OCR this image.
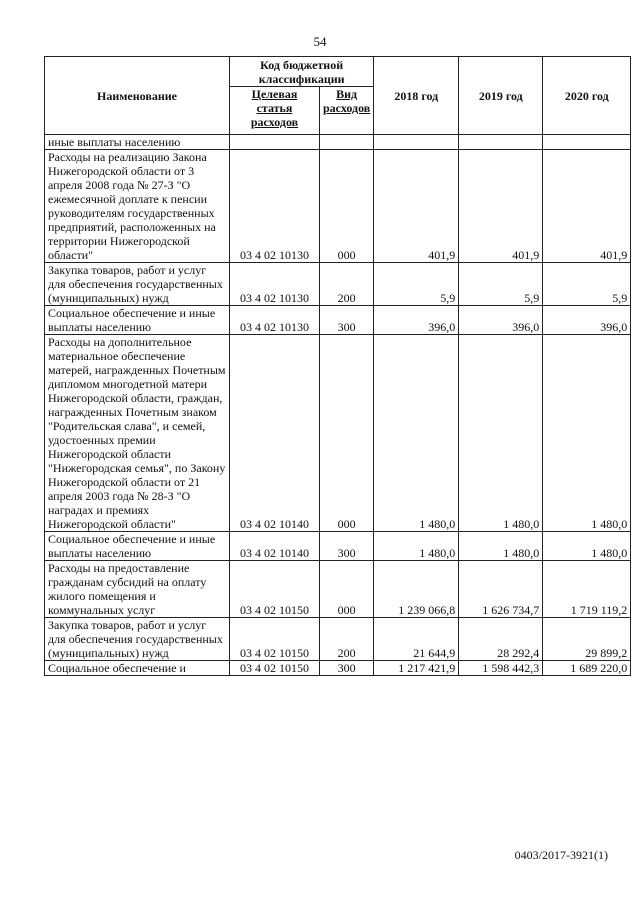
54
Наименование	Код бюджетной классификации		2018 год	2019 год	2020 год
	Целевая статья расходов	Вид расходов			
иные выплаты населению					
Расходы на реализацию Закона Нижегородской области от 3 апреля 2008 года № 27-З "О ежемесячной доплате к пенсии руководителям государственных предприятий, расположенных на территории Нижегородской области"	03 4 02 10130	000	401,9	401,9	401,9
Закупка товаров, работ и услуг для обеспечения государственных (муниципальных) нужд	03 4 02 10130	200	5,9	5,9	5,9
Социальное обеспечение и иные выплаты населению	03 4 02 10130	300	396,0	396,0	396,0
Расходы на дополнительное материальное обеспечение матерей, награжденных Почетным дипломом многодетной матери Нижегородской области, граждан, награжденных Почетным знаком "Родительская слава", и семей, удостоенных премии Нижегородской области "Нижегородская семья", по Закону Нижегородской области от 21 апреля 2003 года № 28-З "О наградах и премиях Нижегородской области"	03 4 02 10140	000	1 480,0	1 480,0	1 480,0
Социальное обеспечение и иные выплаты населению	03 4 02 10140	300	1 480,0	1 480,0	1 480,0
Расходы на предоставление гражданам субсидий на оплату жилого помещения и коммунальных услуг	03 4 02 10150	000	1 239 066,8	1 626 734,7	1 719 119,2
Закупка товаров, работ и услуг для обеспечения государственных (муниципальных) нужд	03 4 02 10150	200	21 644,9	28 292,4	29 899,2
Социальное обеспечение и	03 4 02 10150	300	1 217 421,9	1 598 442,3	1 689 220,0
0403/2017-3921(1)
